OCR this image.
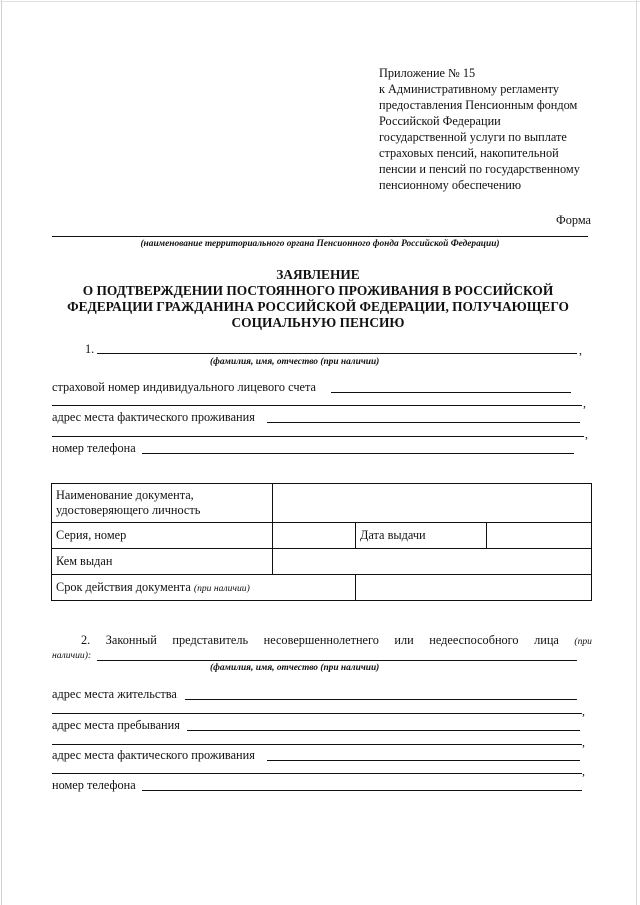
Приложение № 15
к Административному регламенту
предоставления Пенсионным фондом
Российской Федерации
государственной услуги по выплате
страховых пенсий, накопительной
пенсии и пенсий по государственному
пенсионному обеспечению
Форма
(наименование территориального органа Пенсионного фонда Российской Федерации)
ЗАЯВЛЕНИЕ
О ПОДТВЕРЖДЕНИИ ПОСТОЯННОГО ПРОЖИВАНИЯ В РОССИЙСКОЙ
ФЕДЕРАЦИИ ГРАЖДАНИНА РОССИЙСКОЙ ФЕДЕРАЦИИ, ПОЛУЧАЮЩЕГО
СОЦИАЛЬНУЮ ПЕНСИЮ
1.	,
(фамилия, имя, отчество (при наличии)
страховой номер индивидуального лицевого счета
,
адрес места фактического проживания
,
номер телефона
Наименование документа, удостоверяющего личность			
Серия, номер		Дата выдачи	
Кем выдан			
Срок действия документа (при наличии)			
2. Законный представитель несовершеннолетнего или недееспособного лица (при
наличии):
(фамилия, имя, отчество (при наличии)
адрес места жительства
,
адрес места пребывания
,
адрес места фактического проживания
,
номер телефона
